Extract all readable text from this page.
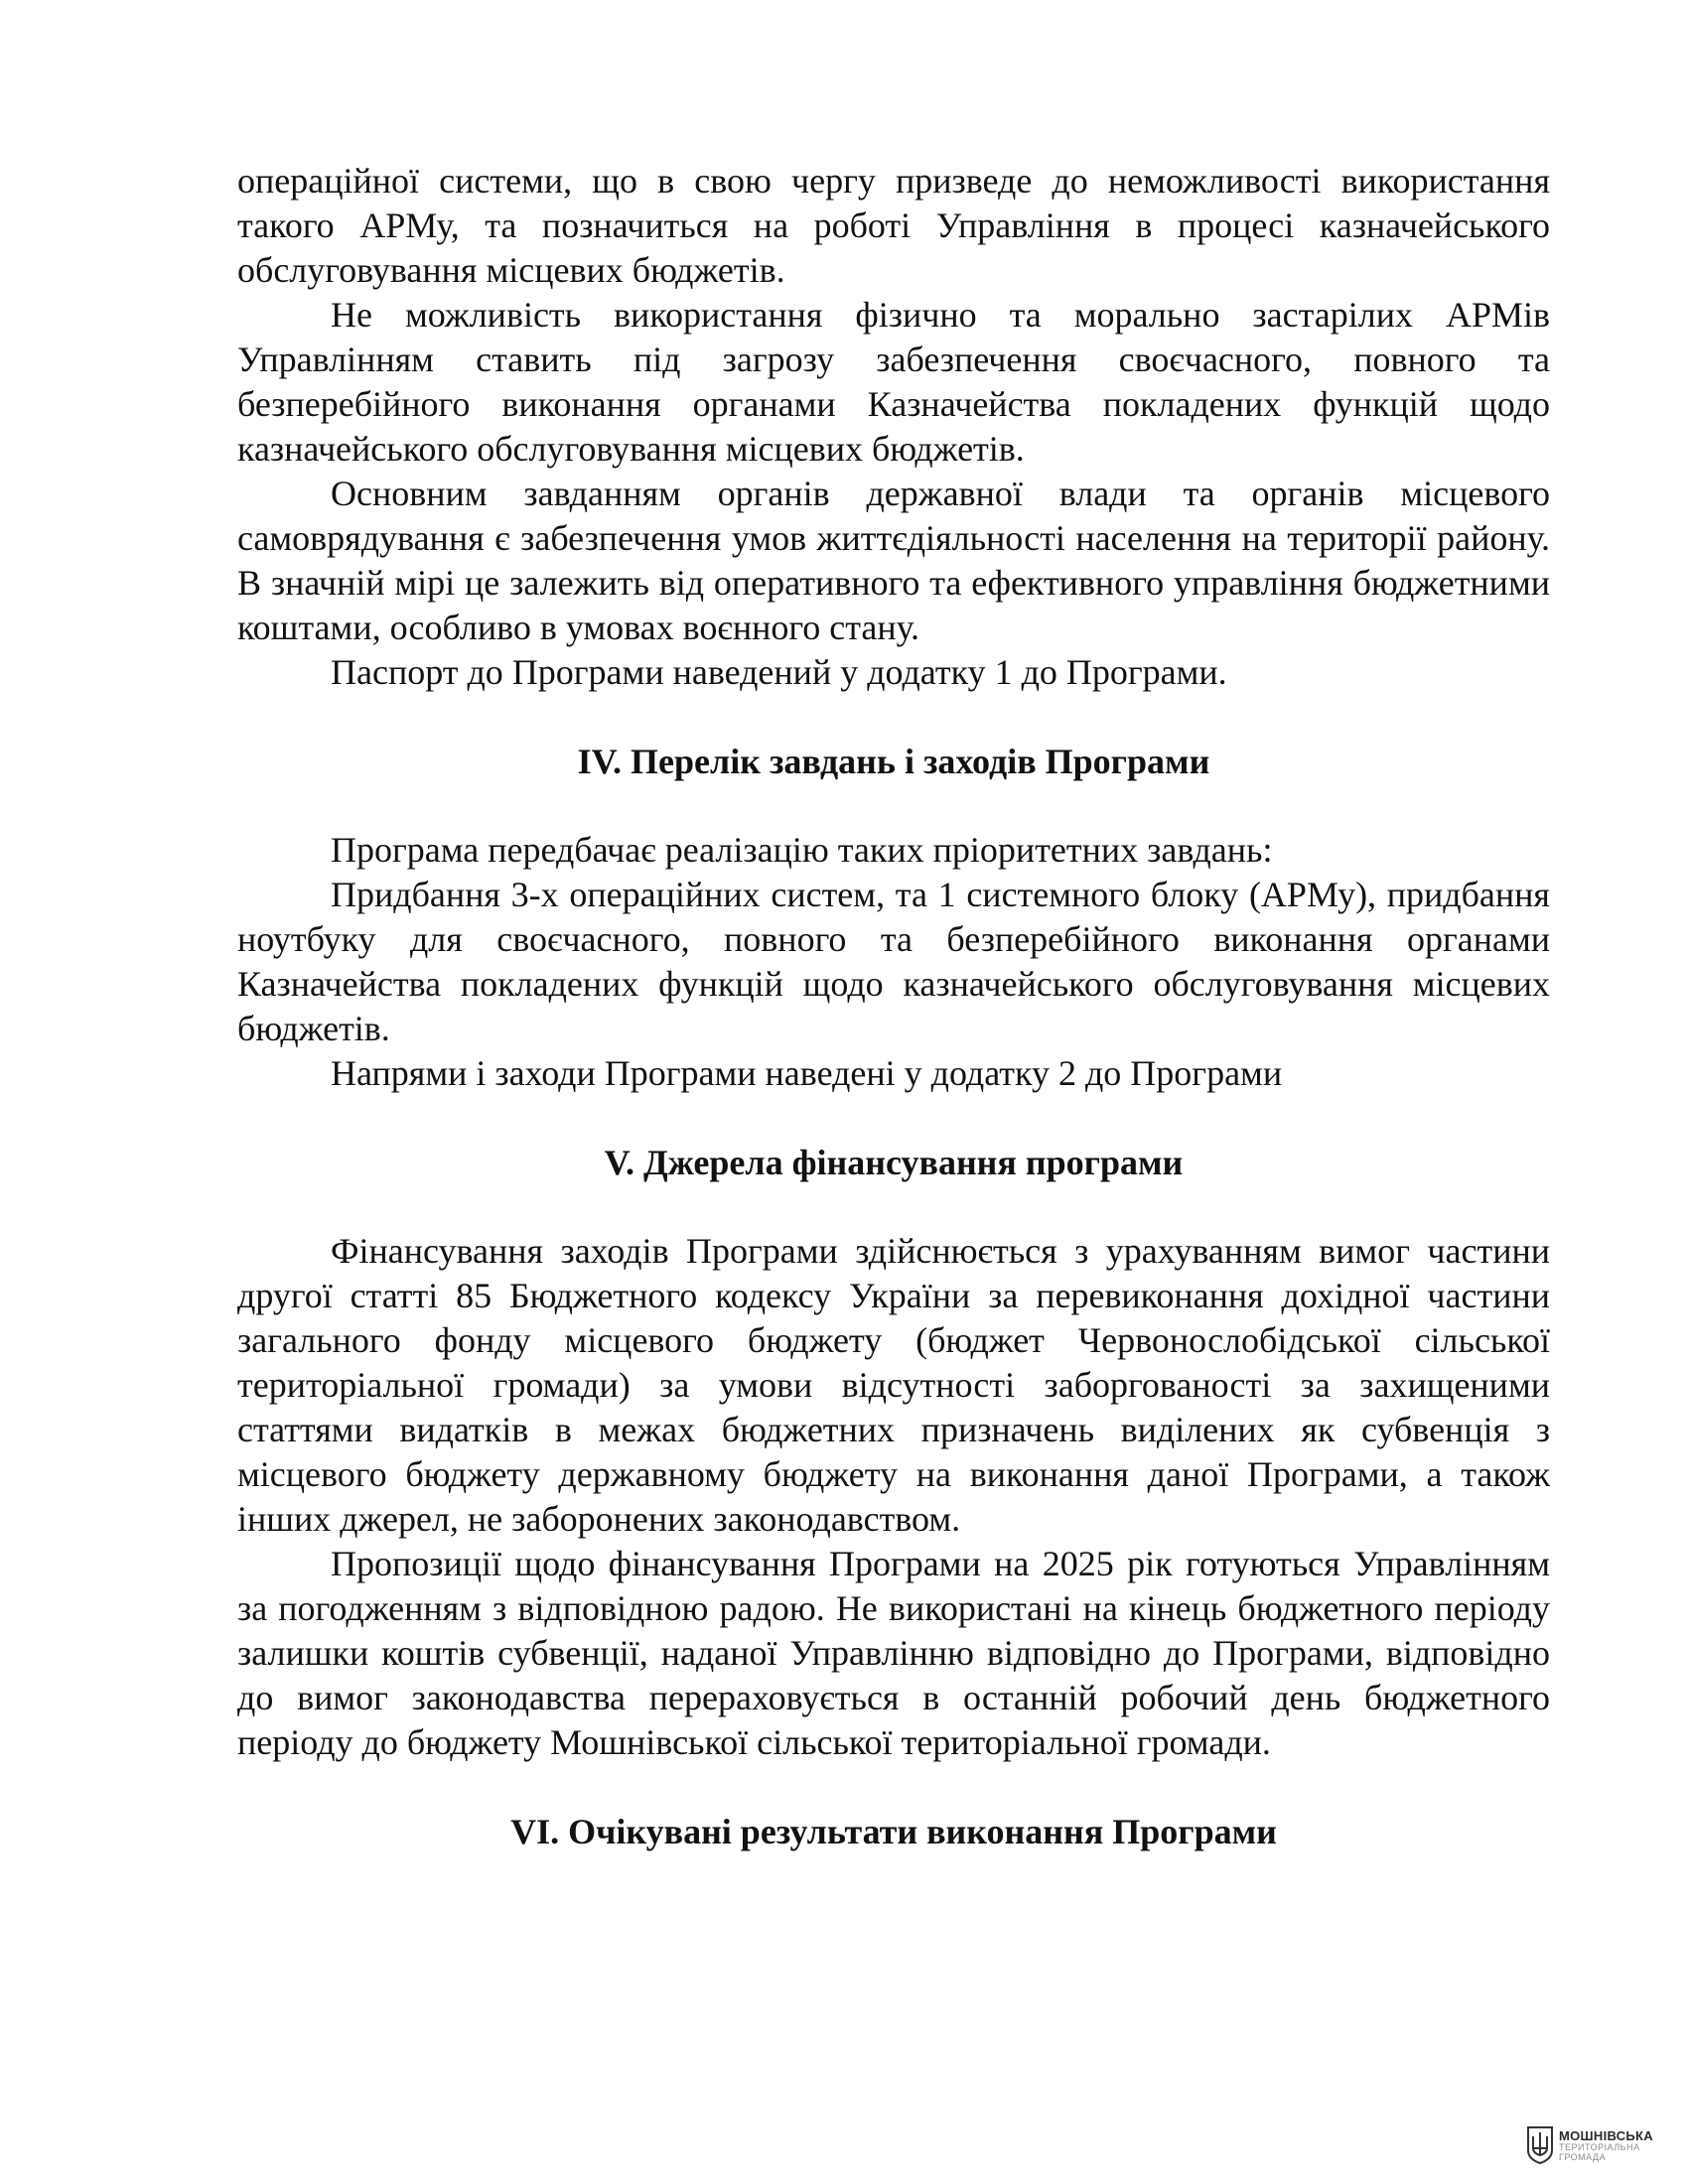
операційної системи, що в свою чергу призведе до неможливості використання такого АРМу, та позначиться на роботі Управління в процесі казначейського обслуговування місцевих бюджетів.

Не можливість використання фізично та морально застарілих АРМів Управлінням ставить під загрозу забезпечення своєчасного, повного та безперебійного виконання органами Казначейства покладених функцій щодо казначейського обслуговування місцевих бюджетів.

Основним завданням органів державної влади та органів місцевого самоврядування є забезпечення умов життєдіяльності населення на території району. В значній мірі це залежить від оперативного та ефективного управління бюджетними коштами, особливо в умовах воєнного стану.

Паспорт до Програми наведений у додатку 1 до Програми.

IV. Перелік завдань і заходів Програми

Програма передбачає реалізацію таких пріоритетних завдань:

Придбання 3-х операційних систем, та 1 системного блоку (АРМу), придбання ноутбуку для своєчасного, повного та безперебійного виконання органами Казначейства покладених функцій щодо казначейського обслуговування місцевих бюджетів.

Напрями і заходи Програми наведені у додатку 2 до Програми

V. Джерела фінансування програми

Фінансування заходів Програми здійснюється з урахуванням вимог частини другої статті 85 Бюджетного кодексу України за перевиконання дохідної частини загального фонду місцевого бюджету (бюджет Червонослобідської сільської територіальної громади) за умови відсутності заборгованості за захищеними статтями видатків в межах бюджетних призначень виділених як субвенція з місцевого бюджету державному бюджету на виконання даної Програми, а також інших джерел, не заборонених законодавством.

Пропозиції щодо фінансування Програми на 2025 рік готуються Управлінням за погодженням з відповідною радою. Не використані на кінець бюджетного періоду залишки коштів субвенції, наданої Управлінню відповідно до Програми, відповідно до вимог законодавства перераховується в останній робочий день бюджетного періоду до бюджету Мошнівської сільської територіальної громади.

VI. Очікувані результати виконання Програми
МОШНІВСЬКА
ТЕРИТОРІАЛЬНА
ГРОМАДА
